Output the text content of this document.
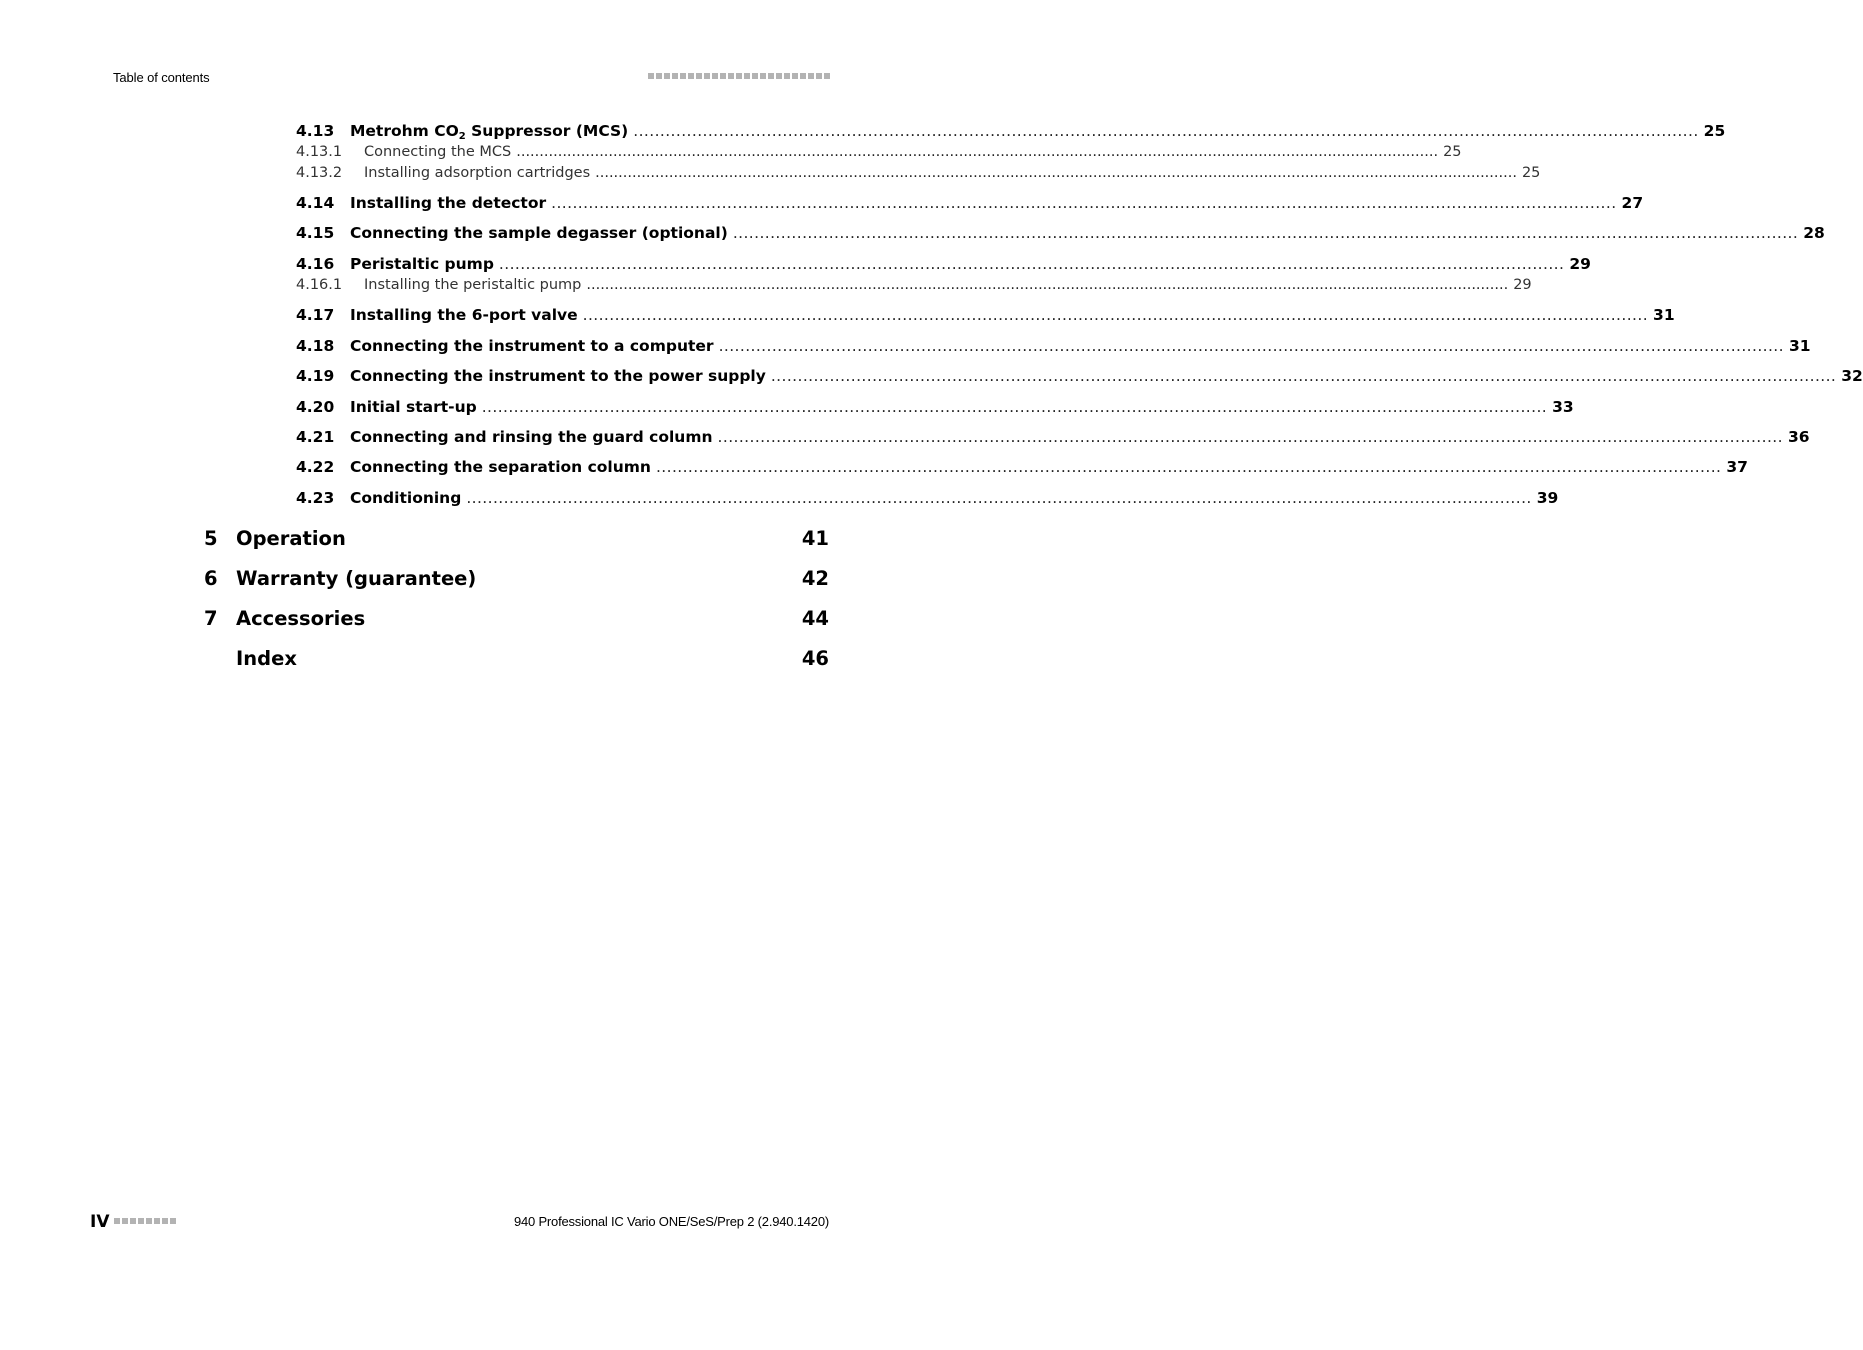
Table of contents
4.13	Metrohm $CO_2$ Suppressor (MCS) ........................................................................................................................................................................................................ 25
4.13.1	Connecting the MCS ........................................................................................................................................................................................................ 25
4.13.2	Installing adsorption cartridges ........................................................................................................................................................................................................ 25
4.14	Installing the detector ........................................................................................................................................................................................................ 27
4.15	Connecting the sample degasser (optional) ........................................................................................................................................................................................................ 28
4.16	Peristaltic pump ........................................................................................................................................................................................................ 29
4.16.1	Installing the peristaltic pump ........................................................................................................................................................................................................ 29
4.17	Installing the 6-port valve ........................................................................................................................................................................................................ 31
4.18	Connecting the instrument to a computer ........................................................................................................................................................................................................ 31
4.19	Connecting the instrument to the power supply ........................................................................................................................................................................................................ 32
4.20	Initial start-up ........................................................................................................................................................................................................ 33
4.21	Connecting and rinsing the guard column ........................................................................................................................................................................................................ 36
4.22	Connecting the separation column ........................................................................................................................................................................................................ 37
4.23	Conditioning ........................................................................................................................................................................................................ 39
5 Operation	41
6 Warranty (guarantee)	42
7 Accessories	44
Index	46
IV	940 Professional IC Vario ONE/SeS/Prep 2 (2.940.1420)
